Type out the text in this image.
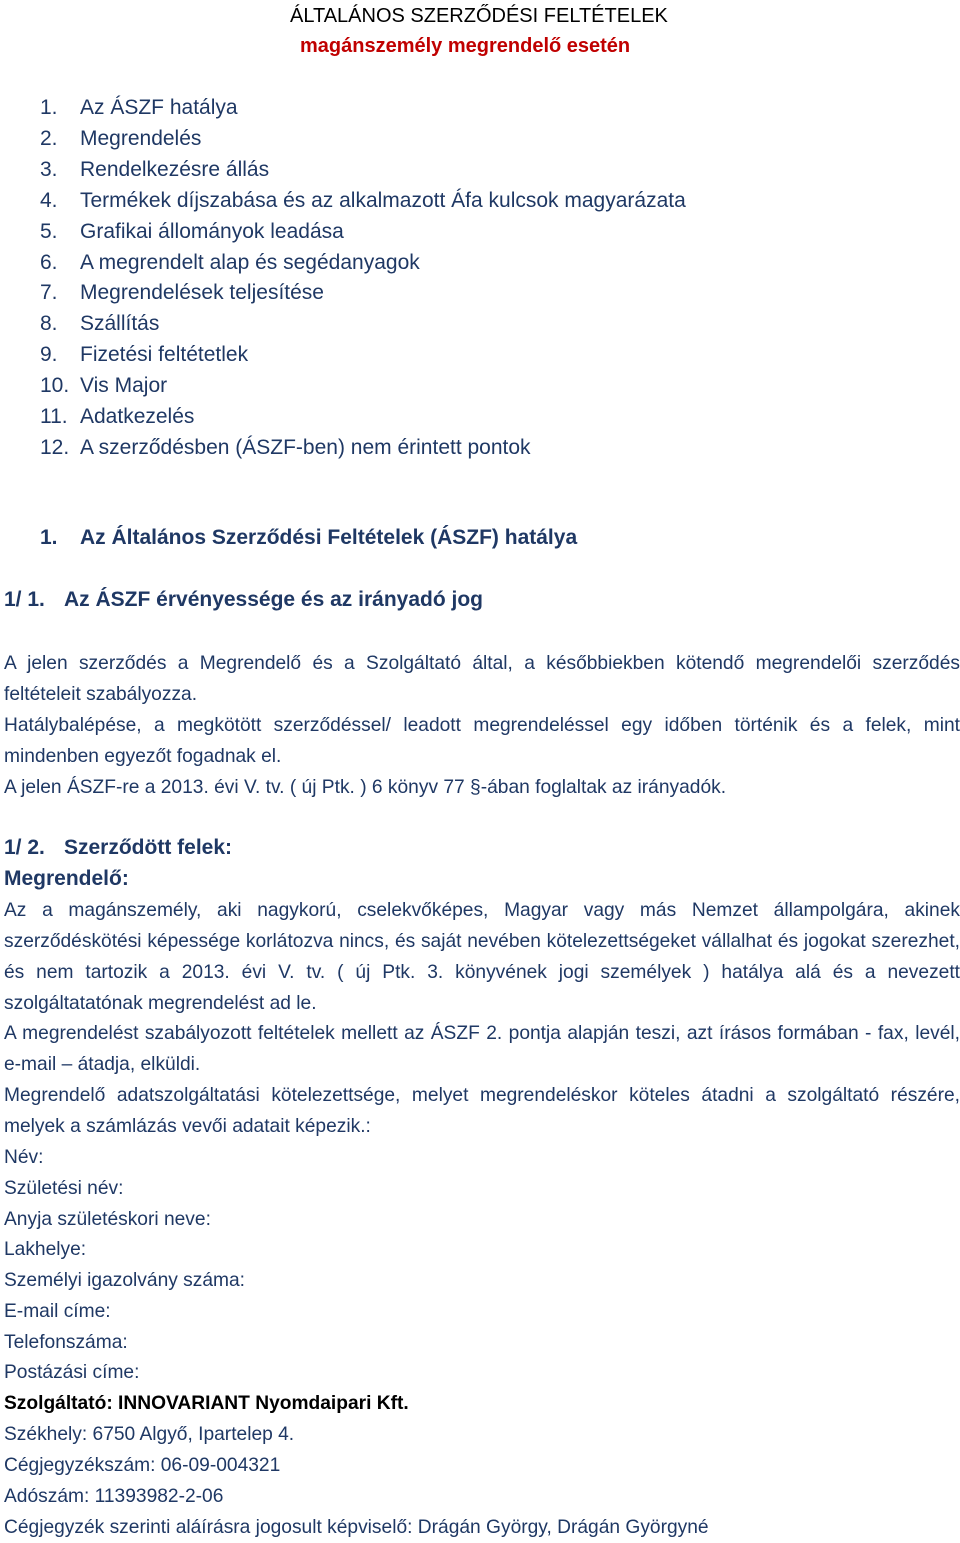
ÁLTALÁNOS SZERZŐDÉSI FELTÉTELEK
magánszemély megrendelő esetén
1. Az ÁSZF hatálya
2. Megrendelés
3. Rendelkezésre állás
4. Termékek díjszabása és az alkalmazott Áfa kulcsok magyarázata
5. Grafikai állományok leadása
6. A megrendelt alap és segédanyagok
7. Megrendelések teljesítése
8. Szállítás
9. Fizetési feltétetlek
10. Vis Major
11. Adatkezelés
12. A szerződésben (ÁSZF-ben) nem érintett pontok
1. Az Általános Szerződési Feltételek (ÁSZF) hatálya
1/ 1. Az ÁSZF érvényessége és az irányadó jog
A jelen szerződés a Megrendelő és a Szolgáltató által, a későbbiekben kötendő megrendelői szerződés feltételeit szabályozza.
Hatálybalépése, a megkötött szerződéssel/ leadott megrendeléssel egy időben történik és a felek, mint mindenben egyezőt fogadnak el.
A jelen ÁSZF-re a 2013. évi V. tv. ( új Ptk. ) 6 könyv 77 §-ában foglaltak az irányadók.
1/ 2. Szerződött felek:
Megrendelő:
Az a magánszemély, aki nagykorú, cselekvőképes, Magyar vagy más Nemzet állampolgára, akinek szerződéskötési képessége korlátozva nincs, és saját nevében kötelezettségeket vállalhat és jogokat szerezhet, és nem tartozik a 2013. évi V. tv. ( új Ptk. 3. könyvének jogi személyek ) hatálya alá és a nevezett szolgáltatatónak megrendelést ad le.
A megrendelést szabályozott feltételek mellett az ÁSZF 2. pontja alapján teszi, azt írásos formában - fax, levél, e-mail – átadja, elküldi.
Megrendelő adatszolgáltatási kötelezettsége, melyet megrendeléskor köteles átadni a szolgáltató részére, melyek a számlázás vevői adatait képezik.:
Név:
Születési név:
Anyja születéskori neve:
Lakhelye:
Személyi igazolvány száma:
E-mail címe:
Telefonszáma:
Postázási címe:
Szolgáltató: INNOVARIANT Nyomdaipari Kft.
Székhely: 6750 Algyő, Ipartelep 4.
Cégjegyzékszám: 06-09-004321
Adószám: 11393982-2-06
Cégjegyzék szerinti aláírásra jogosult képviselő: Drágán György, Drágán Györgyné
